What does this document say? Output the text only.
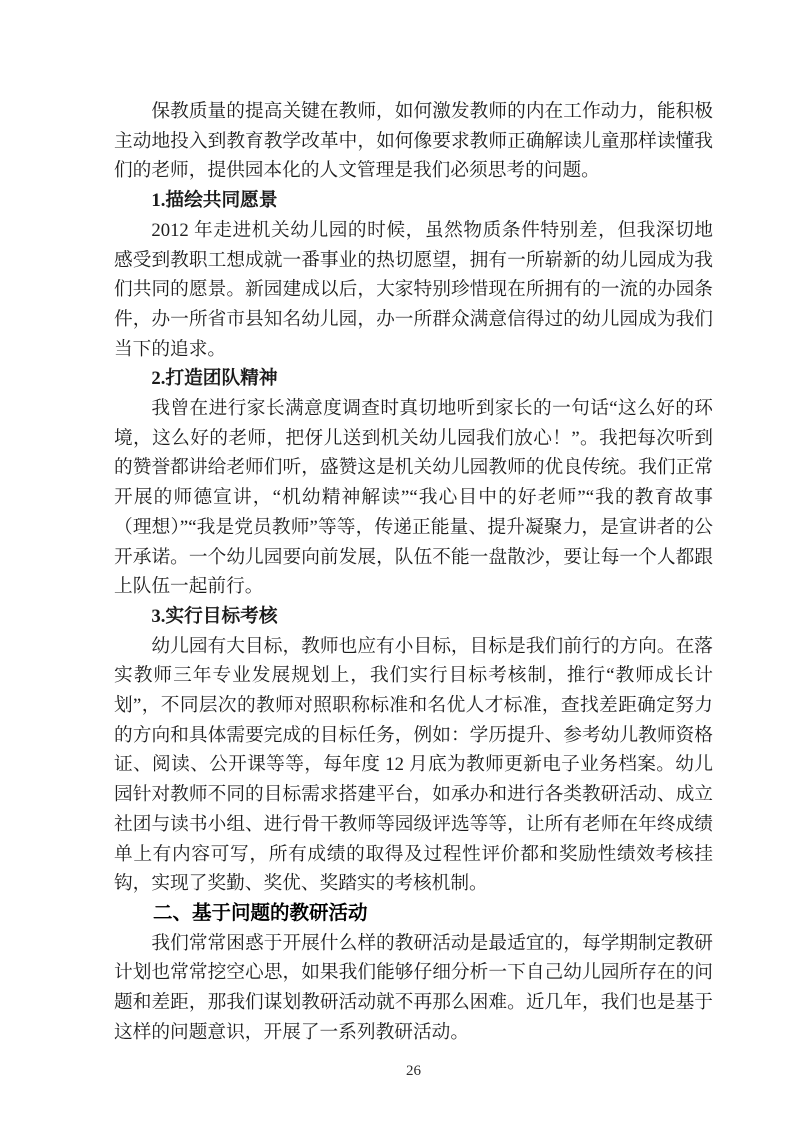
保教质量的提高关键在教师，如何激发教师的内在工作动力，能积极主动地投入到教育教学改革中，如何像要求教师正确解读儿童那样读懂我们的老师，提供园本化的人文管理是我们必须思考的问题。

1.描绘共同愿景

2012 年走进机关幼儿园的时候，虽然物质条件特别差，但我深切地感受到教职工想成就一番事业的热切愿望，拥有一所崭新的幼儿园成为我们共同的愿景。新园建成以后，大家特别珍惜现在所拥有的一流的办园条件，办一所省市县知名幼儿园，办一所群众满意信得过的幼儿园成为我们当下的追求。

2.打造团队精神

我曾在进行家长满意度调查时真切地听到家长的一句话“这么好的环境，这么好的老师，把伢儿送到机关幼儿园我们放心！”。我把每次听到的赞誉都讲给老师们听，盛赞这是机关幼儿园教师的优良传统。我们正常开展的师德宣讲，“机幼精神解读”“我心目中的好老师”“我的教育故事（理想）”“我是党员教师”等等，传递正能量、提升凝聚力，是宣讲者的公开承诺。一个幼儿园要向前发展，队伍不能一盘散沙，要让每一个人都跟上队伍一起前行。

3.实行目标考核

幼儿园有大目标，教师也应有小目标，目标是我们前行的方向。在落实教师三年专业发展规划上，我们实行目标考核制，推行“教师成长计划”，不同层次的教师对照职称标准和名优人才标准，查找差距确定努力的方向和具体需要完成的目标任务，例如：学历提升、参考幼儿教师资格证、阅读、公开课等等，每年度 12 月底为教师更新电子业务档案。幼儿园针对教师不同的目标需求搭建平台，如承办和进行各类教研活动、成立社团与读书小组、进行骨干教师等园级评选等等，让所有老师在年终成绩单上有内容可写，所有成绩的取得及过程性评价都和奖励性绩效考核挂钩，实现了奖勤、奖优、奖踏实的考核机制。

二、基于问题的教研活动

我们常常困惑于开展什么样的教研活动是最适宜的，每学期制定教研计划也常常挖空心思，如果我们能够仔细分析一下自己幼儿园所存在的问题和差距，那我们谋划教研活动就不再那么困难。近几年，我们也是基于这样的问题意识，开展了一系列教研活动。

26
